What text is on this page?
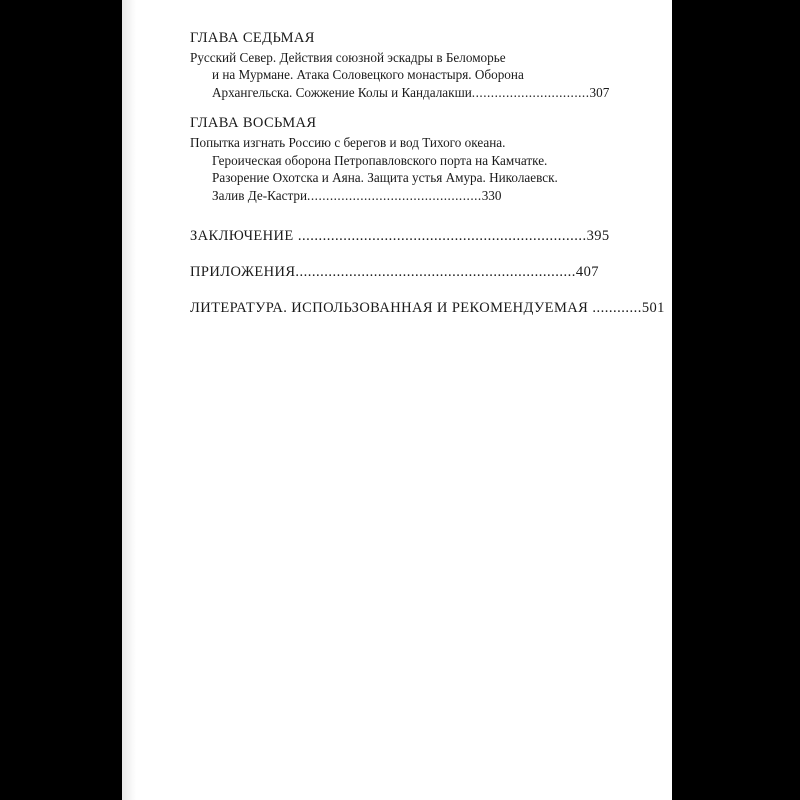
ГЛАВА СЕДЬМАЯ
Русский Север. Действия союзной эскадры в Беломорье
и на Мурмане. Атака Соловецкого монастыря. Оборона
Архангельска. Сожжение Колы и Кандалакши...............................307
ГЛАВА ВОСЬМАЯ
Попытка изгнать Россию с берегов и вод Тихого океана.
Героическая оборона Петропавловского порта на Камчатке.
Разорение Охотска и Аяна. Защита устья Амура. Николаевск.
Залив Де-Кастри..............................................330
ЗАКЛЮЧЕНИЕ ......................................................................395
ПРИЛОЖЕНИЯ....................................................................407
ЛИТЕРАТУРА. ИСПОЛЬЗОВАННАЯ И РЕКОМЕНДУЕМАЯ ............501
